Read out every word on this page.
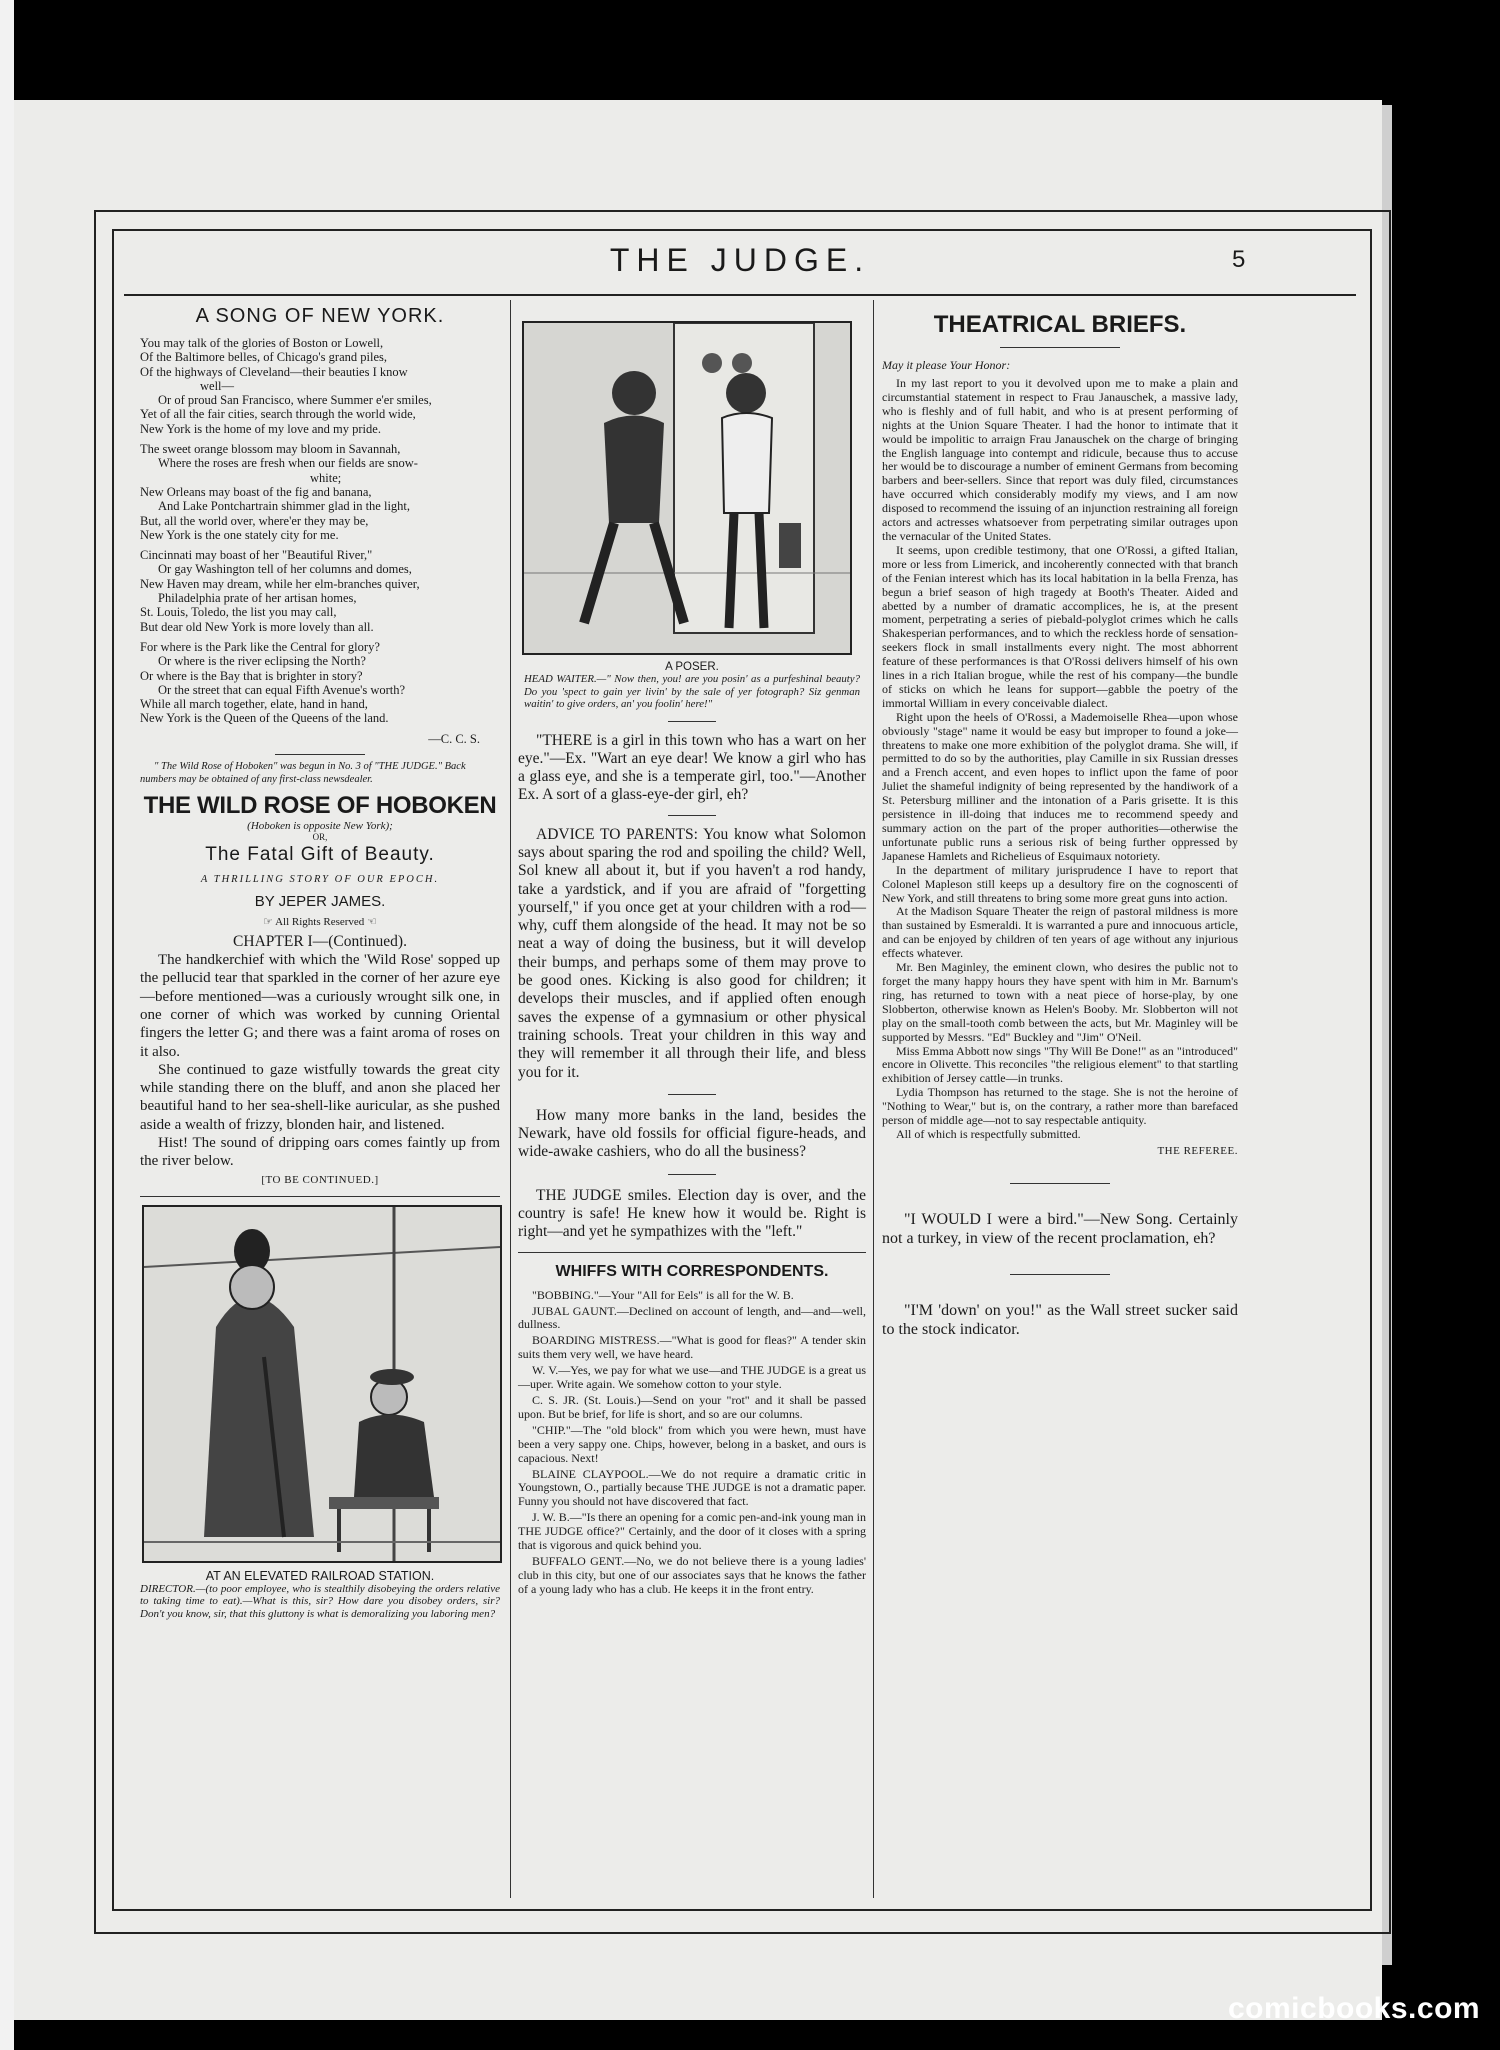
THE JUDGE.	5
A SONG OF NEW YORK.

You may talk of the glories of Boston or Lowell,

Of the Baltimore belles, of Chicago's grand piles,

Of the highways of Cleveland—their beauties I know

well—

Or of proud San Francisco, where Summer e'er smiles,

Yet of all the fair cities, search through the world wide,

New York is the home of my love and my pride.

The sweet orange blossom may bloom in Savannah,

Where the roses are fresh when our fields are snow-

white;

New Orleans may boast of the fig and banana,

And Lake Pontchartrain shimmer glad in the light,

But, all the world over, where'er they may be,

New York is the one stately city for me.

Cincinnati may boast of her "Beautiful River,"

Or gay Washington tell of her columns and domes,

New Haven may dream, while her elm-branches quiver,

Philadelphia prate of her artisan homes,

St. Louis, Toledo, the list you may call,

But dear old New York is more lovely than all.

For where is the Park like the Central for glory?

Or where is the river eclipsing the North?

Or where is the Bay that is brighter in story?

Or the street that can equal Fifth Avenue's worth?

While all march together, elate, hand in hand,

New York is the Queen of the Queens of the land.

—C. C. S.

" The Wild Rose of Hoboken" was begun in No. 3 of "THE JUDGE." Back numbers may be obtained of any first-class newsdealer.

THE WILD ROSE OF HOBOKEN
(Hoboken is opposite New York);
OR,
The Fatal Gift of Beauty.
A THRILLING STORY OF OUR EPOCH.
BY JEPER JAMES.
☞ All Rights Reserved ☜
CHAPTER I—(Continued).

The handkerchief with which the 'Wild Rose' sopped up the pellucid tear that sparkled in the corner of her azure eye—before mentioned—was a curiously wrought silk one, in one corner of which was worked by cunning Oriental fingers the letter G; and there was a faint aroma of roses on it also.

She continued to gaze wistfully towards the great city while standing there on the bluff, and anon she placed her beautiful hand to her sea-shell-like auricular, as she pushed aside a wealth of frizzy, blonden hair, and listened.

Hist! The sound of dripping oars comes faintly up from the river below.

[TO BE CONTINUED.]
AT AN ELEVATED RAILROAD STATION.

DIRECTOR.—(to poor employee, who is stealthily disobeying the orders relative to taking time to eat).—What is this, sir? How dare you disobey orders, sir? Don't you know, sir, that this gluttony is what is demoralizing you laboring men?

A POSER.

HEAD WAITER.—" Now then, you! are you posin' as a purfeshinal beauty? Do you 'spect to gain yer livin' by the sale of yer fotograph? Siz genman waitin' to give orders, an' you foolin' here!"

"THERE is a girl in this town who has a wart on her eye."—Ex. "Wart an eye dear! We know a girl who has a glass eye, and she is a temperate girl, too."—Another Ex. A sort of a glass-eye-der girl, eh?

ADVICE TO PARENTS: You know what Solomon says about sparing the rod and spoiling the child? Well, Sol knew all about it, but if you haven't a rod handy, take a yardstick, and if you are afraid of "forgetting yourself," if you once get at your children with a rod—why, cuff them alongside of the head. It may not be so neat a way of doing the business, but it will develop their bumps, and perhaps some of them may prove to be good ones. Kicking is also good for children; it develops their muscles, and if applied often enough saves the expense of a gymnasium or other physical training schools. Treat your children in this way and they will remember it all through their life, and bless you for it.

How many more banks in the land, besides the Newark, have old fossils for official figure-heads, and wide-awake cashiers, who do all the business?

THE JUDGE smiles. Election day is over, and the country is safe! He knew how it would be. Right is right—and yet he sympathizes with the "left."

WHIFFS WITH CORRESPONDENTS.

"BOBBING."—Your "All for Eels" is all for the W. B.

JUBAL GAUNT.—Declined on account of length, and—and—well, dullness.

BOARDING MISTRESS.—"What is good for fleas?" A tender skin suits them very well, we have heard.

W. V.—Yes, we pay for what we use—and THE JUDGE is a great us—uper. Write again. We somehow cotton to your style.

C. S. JR. (St. Louis.)—Send on your "rot" and it shall be passed upon. But be brief, for life is short, and so are our columns.

"CHIP."—The "old block" from which you were hewn, must have been a very sappy one. Chips, however, belong in a basket, and ours is capacious. Next!

BLAINE CLAYPOOL.—We do not require a dramatic critic in Youngstown, O., partially because THE JUDGE is not a dramatic paper. Funny you should not have discovered that fact.

J. W. B.—"Is there an opening for a comic pen-and-ink young man in THE JUDGE office?" Certainly, and the door of it closes with a spring that is vigorous and quick behind you.

BUFFALO GENT.—No, we do not believe there is a young ladies' club in this city, but one of our associates says that he knows the father of a young lady who has a club. He keeps it in the front entry.

THEATRICAL BRIEFS.

May it please Your Honor:

In my last report to you it devolved upon me to make a plain and circumstantial statement in respect to Frau Janauschek, a massive lady, who is fleshly and of full habit, and who is at present performing of nights at the Union Square Theater. I had the honor to intimate that it would be impolitic to arraign Frau Janauschek on the charge of bringing the English language into contempt and ridicule, because thus to accuse her would be to discourage a number of eminent Germans from becoming barbers and beer-sellers. Since that report was duly filed, circumstances have occurred which considerably modify my views, and I am now disposed to recommend the issuing of an injunction restraining all foreign actors and actresses whatsoever from perpetrating similar outrages upon the vernacular of the United States.

It seems, upon credible testimony, that one O'Rossi, a gifted Italian, more or less from Limerick, and incoherently connected with that branch of the Fenian interest which has its local habitation in la bella Frenza, has begun a brief season of high tragedy at Booth's Theater. Aided and abetted by a number of dramatic accomplices, he is, at the present moment, perpetrating a series of piebald-polyglot crimes which he calls Shakesperian performances, and to which the reckless horde of sensation-seekers flock in small installments every night. The most abhorrent feature of these performances is that O'Rossi delivers himself of his own lines in a rich Italian brogue, while the rest of his company—the bundle of sticks on which he leans for support—gabble the poetry of the immortal William in every conceivable dialect.

Right upon the heels of O'Rossi, a Mademoiselle Rhea—upon whose obviously "stage" name it would be easy but improper to found a joke—threatens to make one more exhibition of the polyglot drama. She will, if permitted to do so by the authorities, play Camille in six Russian dresses and a French accent, and even hopes to inflict upon the fame of poor Juliet the shameful indignity of being represented by the handiwork of a St. Petersburg milliner and the intonation of a Paris grisette. It is this persistence in ill-doing that induces me to recommend speedy and summary action on the part of the proper authorities—otherwise the unfortunate public runs a serious risk of being further oppressed by Japanese Hamlets and Richelieus of Esquimaux notoriety.

In the department of military jurisprudence I have to report that Colonel Mapleson still keeps up a desultory fire on the cognoscenti of New York, and still threatens to bring some more great guns into action.

At the Madison Square Theater the reign of pastoral mildness is more than sustained by Esmeraldi. It is warranted a pure and innocuous article, and can be enjoyed by children of ten years of age without any injurious effects whatever.

Mr. Ben Maginley, the eminent clown, who desires the public not to forget the many happy hours they have spent with him in Mr. Barnum's ring, has returned to town with a neat piece of horse-play, by one Slobberton, otherwise known as Helen's Booby. Mr. Slobberton will not play on the small-tooth comb between the acts, but Mr. Maginley will be supported by Messrs. "Ed" Buckley and "Jim" O'Neil.

Miss Emma Abbott now sings "Thy Will Be Done!" as an "introduced" encore in Olivette. This reconciles "the religious element" to that startling exhibition of Jersey cattle—in trunks.

Lydia Thompson has returned to the stage. She is not the heroine of "Nothing to Wear," but is, on the contrary, a rather more than barefaced person of middle age—not to say respectable antiquity.

All of which is respectfully submitted.

THE REFEREE.

"I WOULD I were a bird."—New Song. Certainly not a turkey, in view of the recent proclamation, eh?

"I'M 'down' on you!" as the Wall street sucker said to the stock indicator.

comicbooks.com
